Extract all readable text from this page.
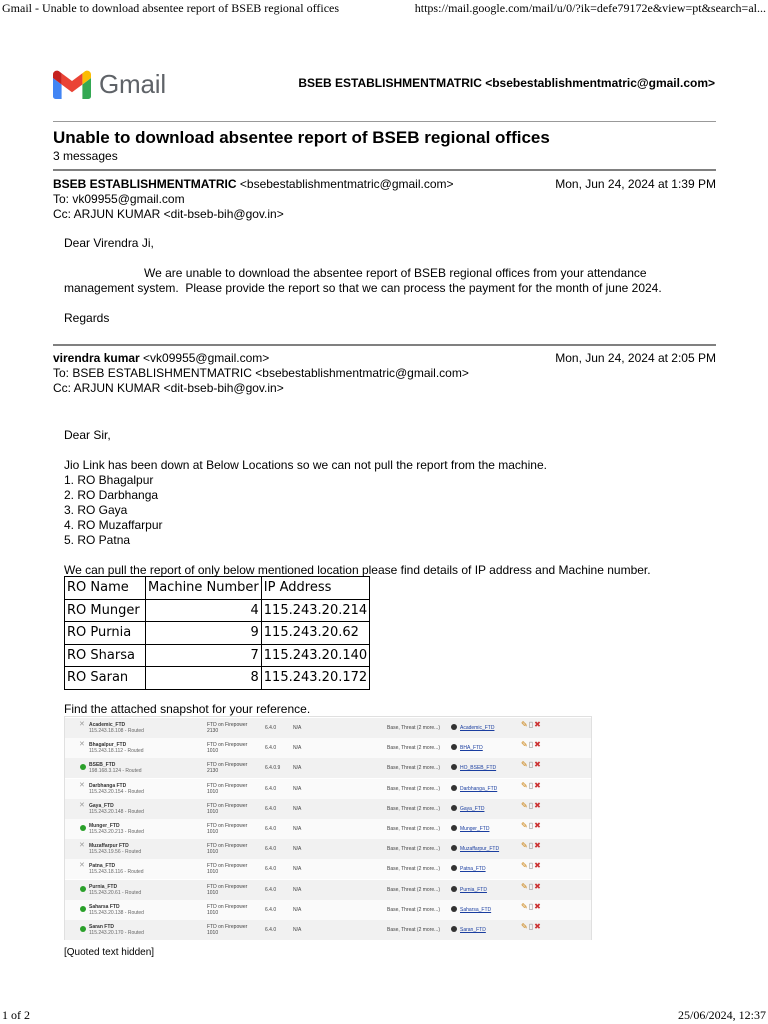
Gmail - Unable to download absentee report of BSEB regional offices	https://mail.google.com/mail/u/0/?ik=defe79172e&view=pt&search=al...
Gmail	BSEB ESTABLISHMENTMATRIC <bsebestablishmentmatric@gmail.com>
Unable to download absentee report of BSEB regional offices
3 messages
BSEB ESTABLISHMENTMATRIC <bsebestablishmentmatric@gmail.com>	Mon, Jun 24, 2024 at 1:39 PM
To: vk09955@gmail.com
Cc: ARJUN KUMAR <dit-bseb-bih@gov.in>

Dear Virendra Ji,

We are unable to download the absentee report of BSEB regional offices from your attendance

management system.  Please provide the report so that we can process the payment for the month of june 2024.

Regards

virendra kumar <vk09955@gmail.com>	Mon, Jun 24, 2024 at 2:05 PM
To: BSEB ESTABLISHMENTMATRIC <bsebestablishmentmatric@gmail.com>
Cc: ARJUN KUMAR <dit-bseb-bih@gov.in>

Dear Sir,

Jio Link has been down at Below Locations so we can not pull the report from the machine.

1. RO Bhagalpur

2. RO Darbhanga

3. RO Gaya

4. RO Muzaffarpur

5. RO Patna

We can pull the report of only below mentioned location please find details of IP address and Machine number.

RO Name	Machine Number	IP Address
RO Munger	4	115.243.20.214
RO Purnia	9	115.243.20.62
RO Sharsa	7	115.243.20.140
RO Saran	8	115.243.20.172
Find the attached snapshot for your reference.
✕
Academic_FTD
115.243.18.108 - Routed
FTD on Firepower 2130	6.4.0	N/A	Base, Threat (2 more...)	Academic_FTD	✎▯✖
✕
Bhagalpur_FTD
115.243.18.112 - Routed
FTD on Firepower 1010	6.4.0	N/A	Base, Threat (2 more...)	BHA_FTD	✎▯✖
BSEB_FTD
198.168.3.124 - Routed
FTD on Firepower 2130	6.4.0.9	N/A	Base, Threat (2 more...)	HO_BSEB_FTD	✎▯✖
✕
Darbhanga FTD
115.243.20.154 - Routed
FTD on Firepower 1010	6.4.0	N/A	Base, Threat (2 more...)	Darbhanga_FTD	✎▯✖
✕
Gaya_FTD
115.243.20.148 - Routed
FTD on Firepower 1010	6.4.0	N/A	Base, Threat (2 more...)	Gaya_FTD	✎▯✖
Munger_FTD
115.243.20.213 - Routed
FTD on Firepower 1010	6.4.0	N/A	Base, Threat (2 more...)	Munger_FTD	✎▯✖
✕
Muzaffarpur FTD
115.243.19.56 - Routed
FTD on Firepower 1010	6.4.0	N/A	Base, Threat (2 more...)	Muzaffarpur_FTD	✎▯✖
✕
Patna_FTD
115.243.18.116 - Routed
FTD on Firepower 1010	6.4.0	N/A	Base, Threat (2 more...)	Patna_FTD	✎▯✖
Purnia_FTD
115.243.20.61 - Routed
FTD on Firepower 1010	6.4.0	N/A	Base, Threat (2 more...)	Purnia_FTD	✎▯✖
Saharsa FTD
115.243.20.138 - Routed
FTD on Firepower 1010	6.4.0	N/A	Base, Threat (2 more...)	Saharsa_FTD	✎▯✖
Saran FTD
115.243.20.170 - Routed
FTD on Firepower 1010	6.4.0	N/A	Base, Threat (2 more...)	Saran_FTD	✎▯✖
[Quoted text hidden]
1 of 2	25/06/2024, 12:37
